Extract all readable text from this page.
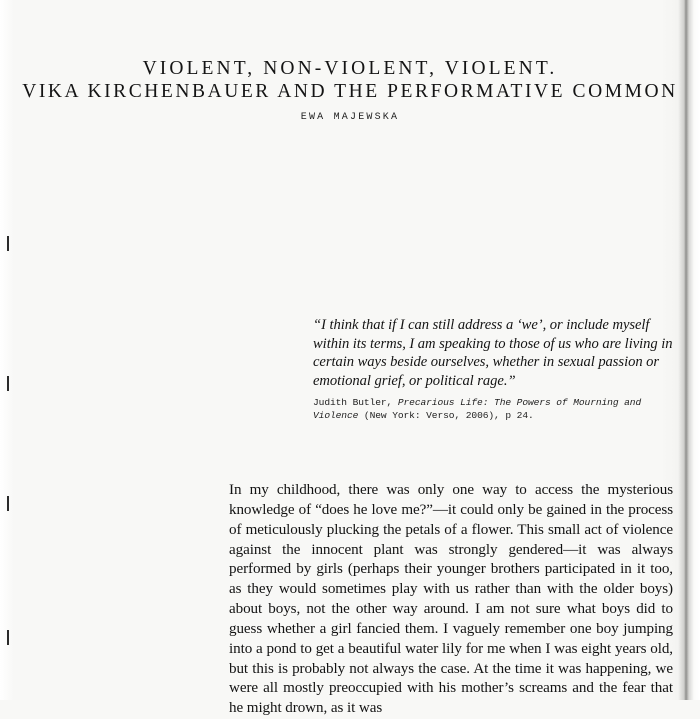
VIOLENT, NON-VIOLENT, VIOLENT.
VIKA KIRCHENBAUER AND THE PERFORMATIVE COMMON
EWA MAJEWSKA
“I think that if I can still address a ‘we’, or include myself within its terms, I am speaking to those of us who are living in certain ways beside ourselves, whether in sexual passion or emotional grief, or political rage.”
Judith Butler, Precarious Life: The Powers of Mourning and Violence (New York: Verso, 2006), p 24.

In my childhood, there was only one way to access the mysterious knowledge of “does he love me?”—it could only be gained in the process of meticulously plucking the petals of a flower. This small act of violence against the innocent plant was strongly gendered—it was always performed by girls (perhaps their younger brothers participated in it too, as they would sometimes play with us rather than with the older boys) about boys, not the other way around. I am not sure what boys did to guess whether a girl fancied them. I vaguely remember one boy jumping into a pond to get a beautiful water lily for me when I was eight years old, but this is probably not always the case. At the time it was happening, we were all mostly preoccupied with his mother’s screams and the fear that he might drown, as it was
